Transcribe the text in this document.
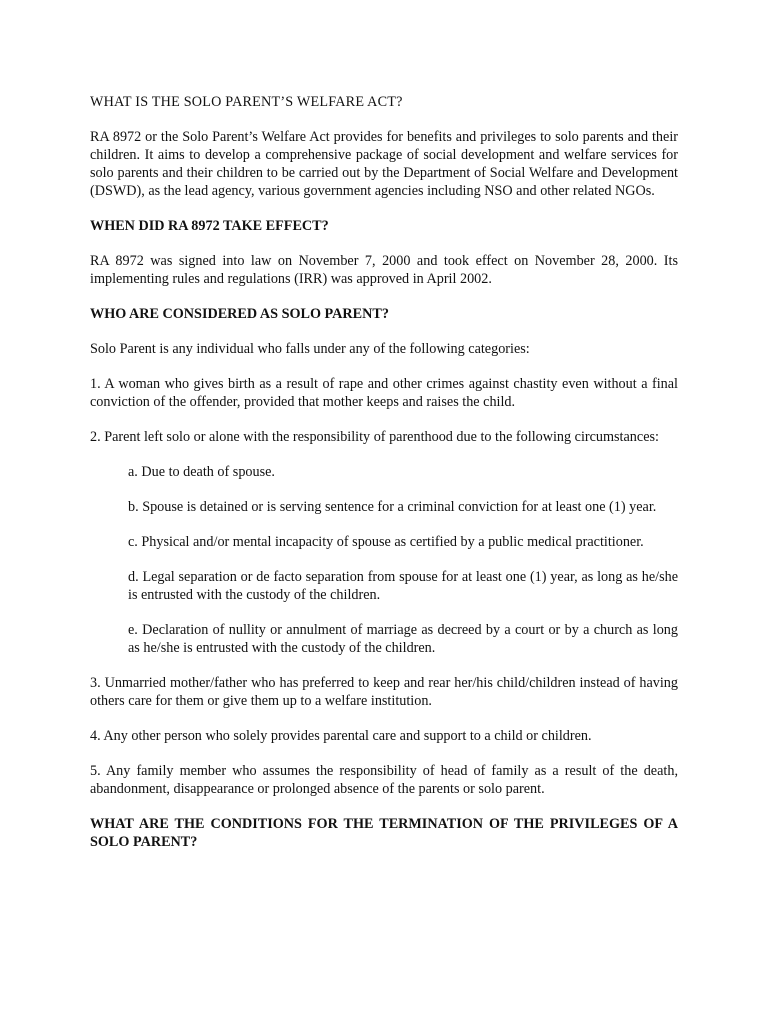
WHAT IS THE SOLO PARENT’S WELFARE ACT?

RA 8972 or the Solo Parent’s Welfare Act provides for benefits and privileges to solo parents and their children. It aims to develop a comprehensive package of social development and welfare services for solo parents and their children to be carried out by the Department of Social Welfare and Development (DSWD), as the lead agency, various government agencies including NSO and other related NGOs.

WHEN DID RA 8972 TAKE EFFECT?

RA 8972 was signed into law on November 7, 2000 and took effect on November 28, 2000. Its implementing rules and regulations (IRR) was approved in April 2002.

WHO ARE CONSIDERED AS SOLO PARENT?

Solo Parent is any individual who falls under any of the following categories:

1. A woman who gives birth as a result of rape and other crimes against chastity even without a final conviction of the offender, provided that mother keeps and raises the child.

2. Parent left solo or alone with the responsibility of parenthood due to the following circumstances:

a. Due to death of spouse.

b. Spouse is detained or is serving sentence for a criminal conviction for at least one (1) year.

c. Physical and/or mental incapacity of spouse as certified by a public medical practitioner.

d. Legal separation or de facto separation from spouse for at least one (1) year, as long as he/she is entrusted with the custody of the children.

e. Declaration of nullity or annulment of marriage as decreed by a court or by a church as long as he/she is entrusted with the custody of the children.

3. Unmarried mother/father who has preferred to keep and rear her/his child/children instead of having others care for them or give them up to a welfare institution.

4. Any other person who solely provides parental care and support to a child or children.

5. Any family member who assumes the responsibility of head of family as a result of the death, abandonment, disappearance or prolonged absence of the parents or solo parent.

WHAT ARE THE CONDITIONS FOR THE TERMINATION OF THE PRIVILEGES OF A SOLO PARENT?
